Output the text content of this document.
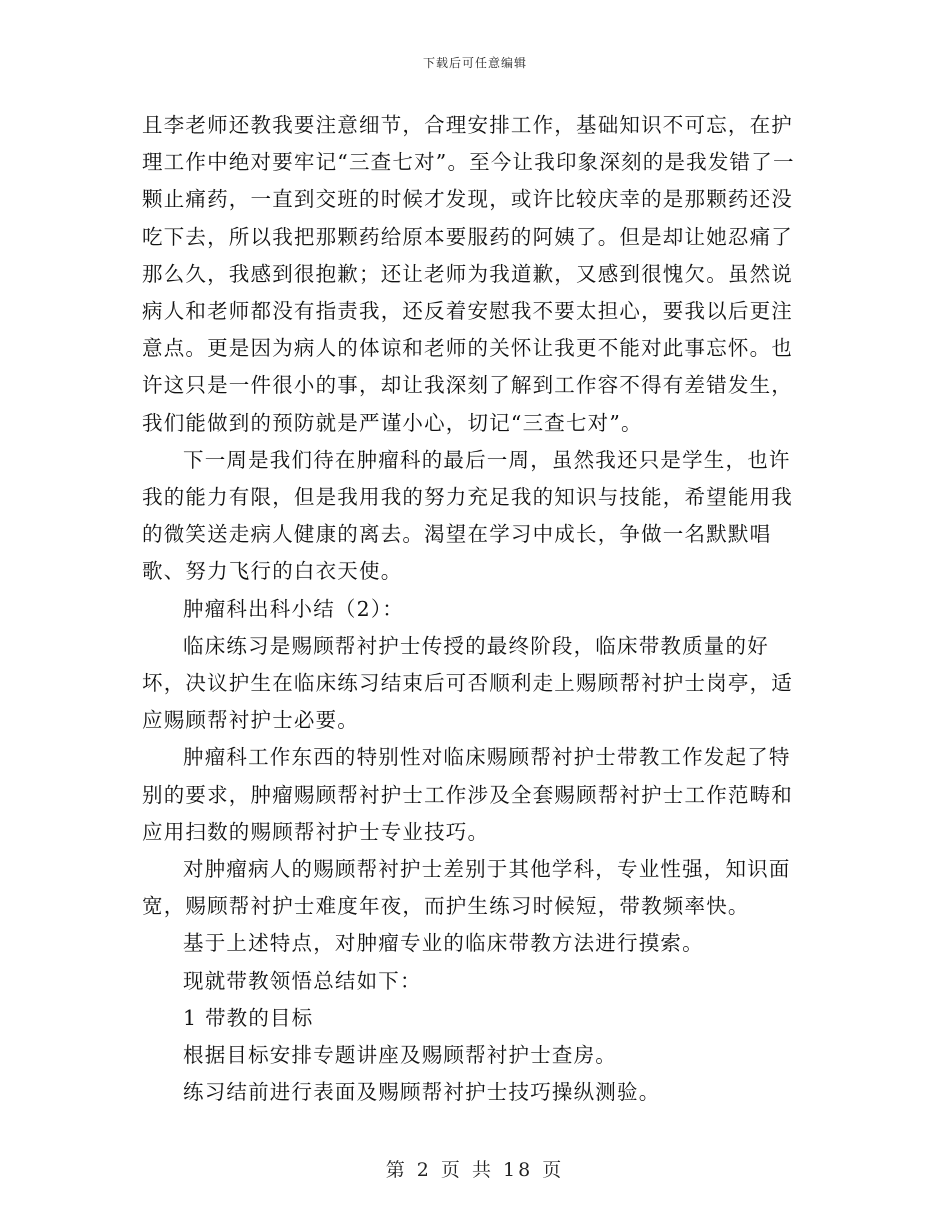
下载后可任意编辑

且李老师还教我要注意细节，合理安排工作，基础知识不可忘，在护理工作中绝对要牢记“三查七对”。至今让我印象深刻的是我发错了一颗止痛药，一直到交班的时候才发现，或许比较庆幸的是那颗药还没吃下去，所以我把那颗药给原本要服药的阿姨了。但是却让她忍痛了那么久，我感到很抱歉；还让老师为我道歉，又感到很愧欠。虽然说病人和老师都没有指责我，还反着安慰我不要太担心，要我以后更注意点。更是因为病人的体谅和老师的关怀让我更不能对此事忘怀。也许这只是一件很小的事，却让我深刻了解到工作容不得有差错发生，我们能做到的预防就是严谨小心，切记“三查七对”。

下一周是我们待在肿瘤科的最后一周，虽然我还只是学生，也许我的能力有限，但是我用我的努力充足我的知识与技能，希望能用我的微笑送走病人健康的离去。渴望在学习中成长，争做一名默默唱歌、努力飞行的白衣天使。

肿瘤科出科小结（2）：

临床练习是赐顾帮衬护士传授的最终阶段，临床带教质量的好坏，决议护生在临床练习结束后可否顺利走上赐顾帮衬护士岗亭，适应赐顾帮衬护士必要。

肿瘤科工作东西的特别性对临床赐顾帮衬护士带教工作发起了特别的要求，肿瘤赐顾帮衬护士工作涉及全套赐顾帮衬护士工作范畴和应用扫数的赐顾帮衬护士专业技巧。

对肿瘤病人的赐顾帮衬护士差别于其他学科，专业性强，知识面宽，赐顾帮衬护士难度年夜，而护生练习时候短，带教频率快。

基于上述特点，对肿瘤专业的临床带教方法进行摸索。

现就带教领悟总结如下：

1 带教的目标

根据目标安排专题讲座及赐顾帮衬护士查房。

练习结前进行表面及赐顾帮衬护士技巧操纵测验。

第 2 页 共 18 页
